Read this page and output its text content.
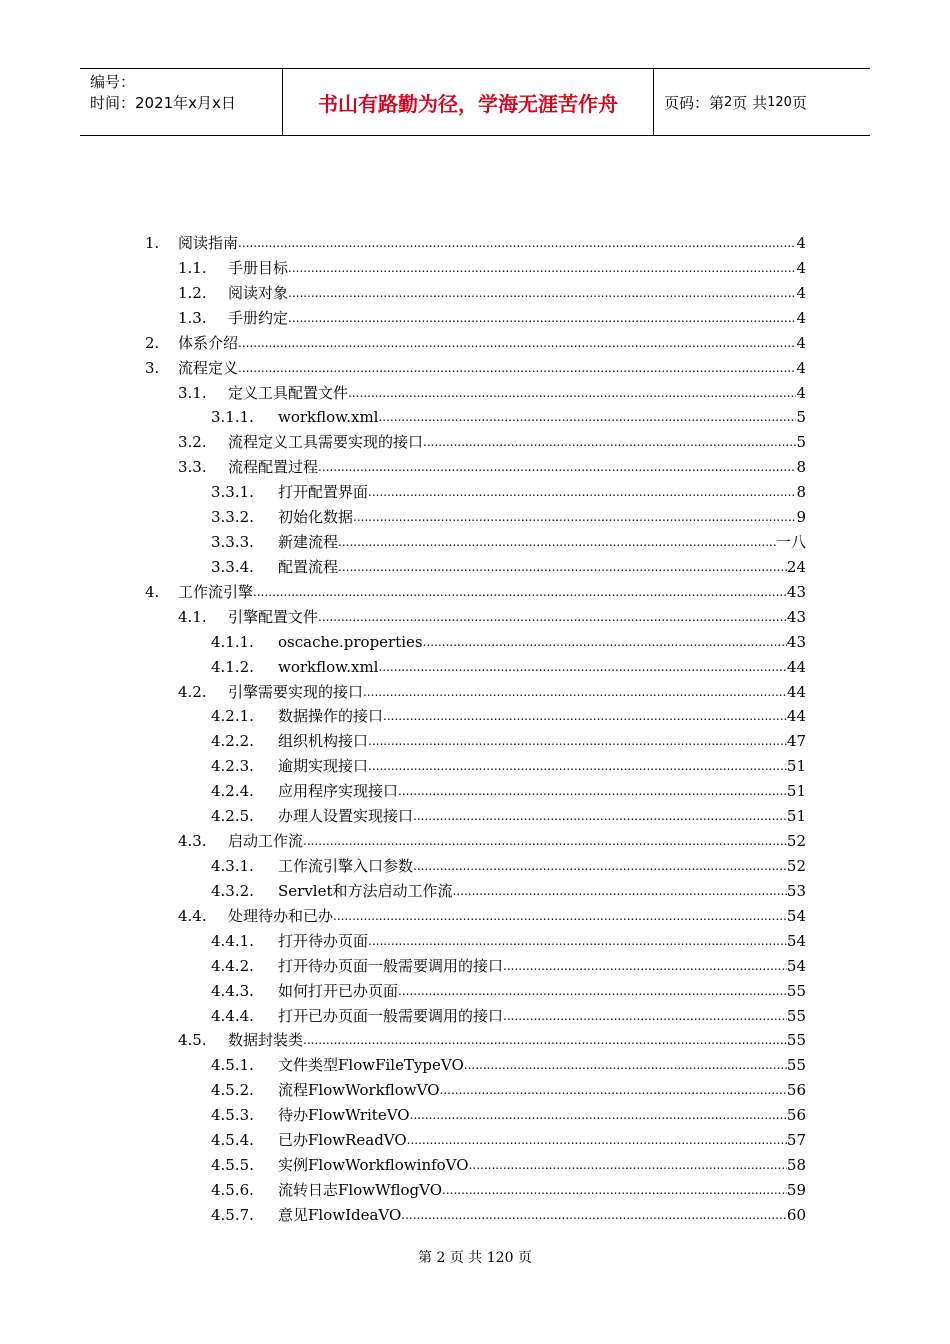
编号：
时间：2021年x月x日	书山有路勤为径，学海无涯苦作舟	页码：第 2 页 共 120 页
1.	阅读指南 .....	4
1.1.	手册目标 .....	4
1.2.	阅读对象 .....	4
1.3.	手册约定 .....	4
2.	体系介绍 .....	4
3.	流程定义 .....	4
3.1.	定义工具配置文件 .....	4
3.1.1.	workflow.xml .....	5
3.2.	流程定义工具需要实现的接口 .....	5
3.3.	流程配置过程 .....	8
3.3.1.	打开配置界面 .....	8
3.3.2.	初始化数据 .....	9
3.3.3.	新建流程 .....	一八
3.3.4.	配置流程 .....	24
4.	工作流引擎 .....	43
4.1.	引擎配置文件 .....	43
4.1.1.	oscache.properties .....	43
4.1.2.	workflow.xml .....	44
4.2.	引擎需要实现的接口 .....	44
4.2.1.	数据操作的接口 .....	44
4.2.2.	组织机构接口 .....	47
4.2.3.	逾期实现接口 .....	51
4.2.4.	应用程序实现接口 .....	51
4.2.5.	办理人设置实现接口 .....	51
4.3.	启动工作流 .....	52
4.3.1.	工作流引擎入口参数 .....	52
4.3.2.	Servlet和方法启动工作流 .....	53
4.4.	处理待办和已办 .....	54
4.4.1.	打开待办页面 .....	54
4.4.2.	打开待办页面一般需要调用的接口 .....	54
4.4.3.	如何打开已办页面 .....	55
4.4.4.	打开已办页面一般需要调用的接口 .....	55
4.5.	数据封装类 .....	55
4.5.1.	文件类型FlowFileTypeVO .....	55
4.5.2.	流程FlowWorkflowVO .....	56
4.5.3.	待办FlowWriteVO .....	56
4.5.4.	已办FlowReadVO .....	57
4.5.5.	实例FlowWorkflowinfoVO .....	58
4.5.6.	流转日志FlowWflogVO .....	59
4.5.7.	意见FlowIdeaVO .....	60
第 2 页 共 120 页
